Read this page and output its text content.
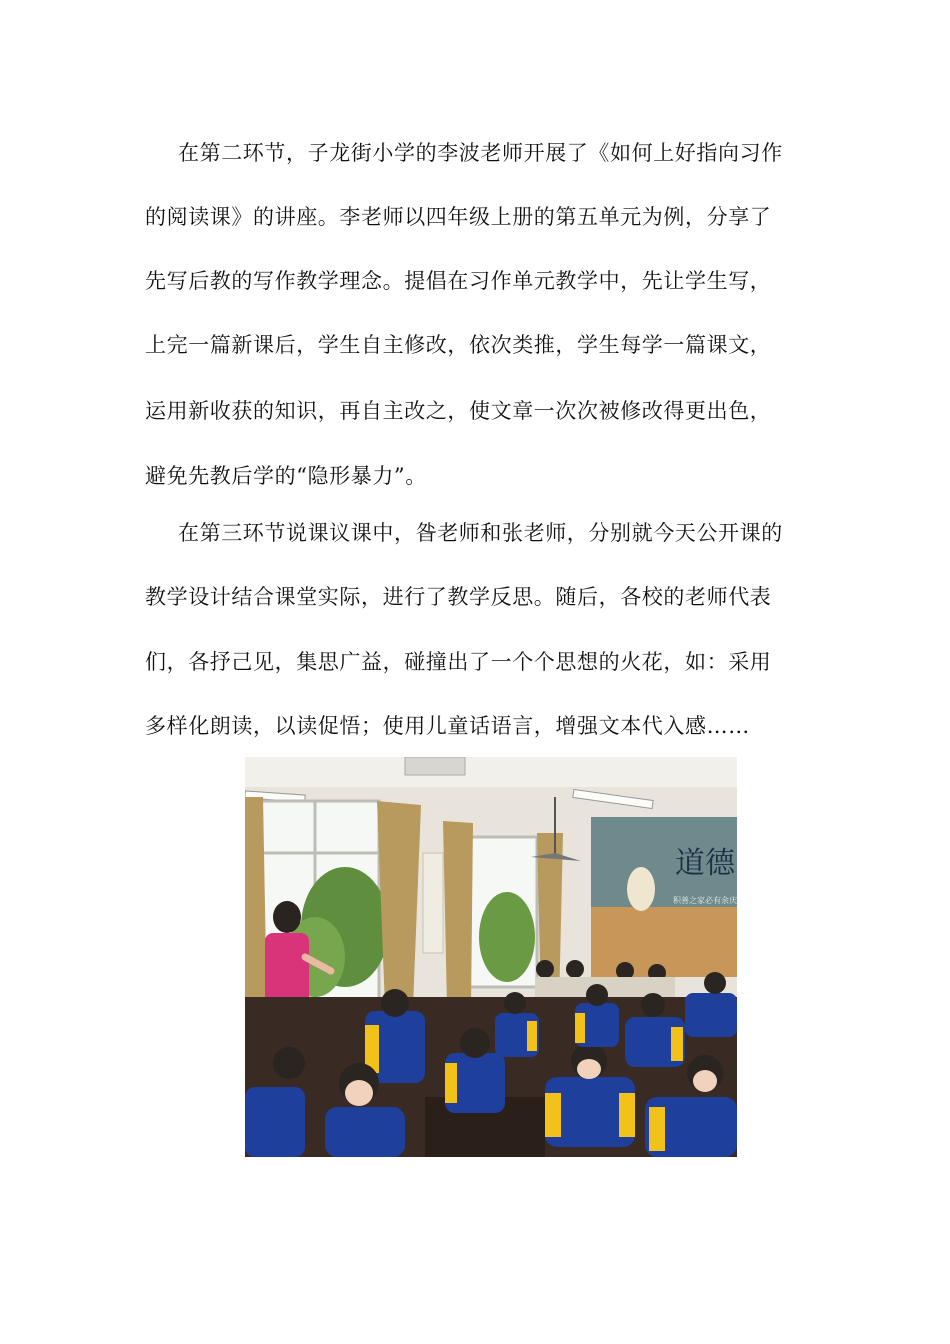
在第二环节，子龙街小学的李波老师开展了《如何上好指向习作
的阅读课》的讲座。李老师以四年级上册的第五单元为例，分享了
先写后教的写作教学理念。提倡在习作单元教学中，先让学生写，
上完一篇新课后，学生自主修改，依次类推，学生每学一篇课文，
运用新收获的知识，再自主改之，使文章一次次被修改得更出色，
避免先教后学的“隐形暴力”。
在第三环节说课议课中，昝老师和张老师，分别就今天公开课的
教学设计结合课堂实际，进行了教学反思。随后，各校的老师代表
们，各抒己见，集思广益，碰撞出了一个个思想的火花，如：采用
多样化朗读，以读促悟；使用儿童话语言，增强文本代入感……
道德
积善之家必有余庆
